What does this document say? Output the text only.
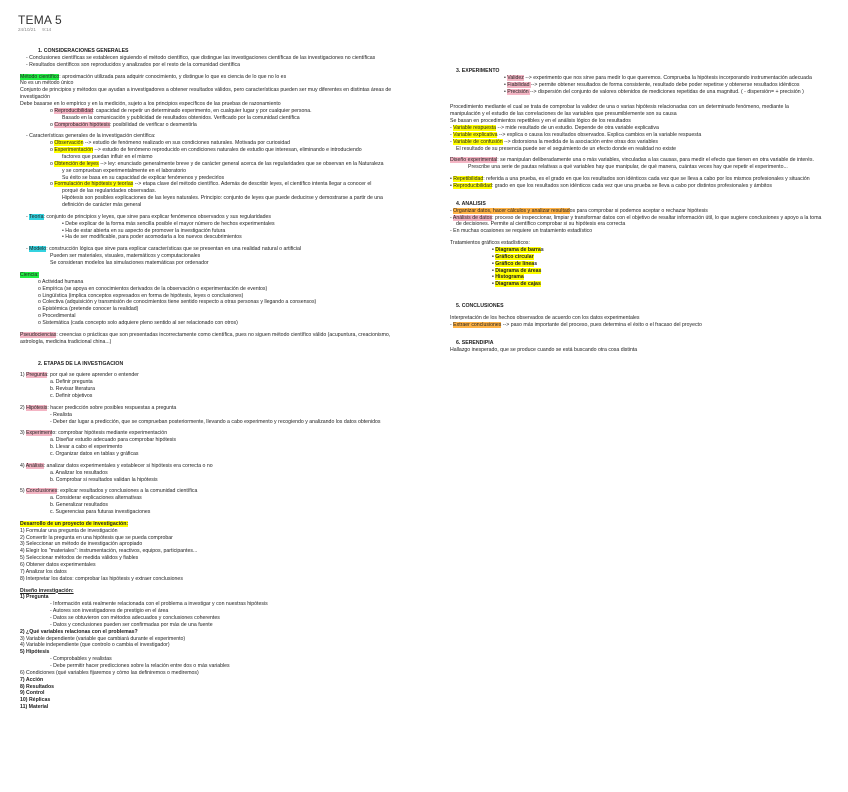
TEMA 5
24/10/21 9:14
1. CONSIDERACIONES GENERALES
- Conclusiones científicas se establecen siguiendo el método científico, que distingue las investigaciones científicas de las investigaciones no científicas
- Resultados científicos son reproducidos y analizados por el resto de la comunidad científica
Método científico: aproximación utilizada para adquirir conocimiento, y distingue lo que es ciencia de lo que no lo es
No es un método único
Conjunto de principios y métodos que ayudan a investigadores a obtener resultados válidos, pero características pueden ser muy diferentes en distintas áreas de
investigación
Debe basarse en lo empírico y en la medición, sujeto a los principios específicos de las pruebas de razonamiento
o Reproducibilidad: capacidad de repetir un determinado experimento, en cualquier lugar y por cualquier persona.
Basado en la comunicación y publicidad de resultados obtenidos. Verificado por la comunidad científica
o Comprobación hipótesis: posibilidad de verificar o desmentirla
- Características generales de la investigación científica:
o Observación --> estudio de fenómeno realizado en sus condiciones naturales. Motivada por curiosidad
o Experimentación --> estudio de fenómeno reproducido en condiciones naturales de estudio que interesan, eliminando e introduciendo
factores que puedan influir en el mismo
o Obtención de leyes --> ley: enunciado generalmente breve y de carácter general acerca de las regularidades que se observan en la Naturaleza
y se comprueban experimentalmente en el laboratorio
Su éxito se basa en su capacidad de explicar fenómenos y predecirlos
o Formulación de hipótesis y teorías --> etapa clave del método científico. Además de describir leyes, el científico intenta llegar a conocer el
porqué de las regularidades observadas.
Hipótesis son posibles explicaciones de las leyes naturales. Principio: conjunto de leyes que puede deducirse y demostrarse a partir de una
definición de carácter más general
- Teoría: conjunto de principios y leyes, que sirve para explicar fenómenos observados y sus regularidades
• Debe explicar de la forma más sencilla posible el mayor número de hechos experimentales
• Ha de estar abierta en su aspecto de promover la investigación futura
• Ha de ser modificable, para poder acomodarla a los nuevos descubrimientos
- Modelo: construcción lógica que sirve para explicar características que se presentan en una realidad natural o artificial
Pueden ser materiales, visuales, matemáticos y computacionales
Se consideran modelos las simulaciones matemáticas por ordenador
Ciencia:
o Actividad humana
o Empírica (se apoya en conocimientos derivados de la observación o experimentación de eventos)
o Lingüística (implica conceptos expresados en forma de hipótesis, leyes o conclusiones)
o Colectiva (adquisición y transmisión de conocimientos tiene sentido respecto a otras personas y llegando a consensos)
o Epistémica (pretende conocer la realidad)
o Procedimental
o Sistemática (cada concepto solo adquiere pleno sentido al ser relacionado con otros)
Pseudociencias: creencias o prácticas que son presentadas incorrectamente como científica, pues no siguen método científico válido (acupuntura, creacionismo,
astrología, medicina tradicional china...)
2. ETAPAS DE LA INVESTIGACIÓN
1) Pregunta: por qué se quiere aprender o entender
a. Definir pregunta
b. Revisar literatura
c. Definir objetivos
2) Hipótesis: hacer predicción sobre posibles respuestas a pregunta
- Realista
- Deber dar lugar a predicción, que se comprueban posteriormente, llevando a cabo experimento y recogiendo y analizando los datos obtenidos
3) Experimento: comprobar hipótesis mediante experimentación
a. Diseñar estudio adecuado para comprobar hipótesis
b. Llevar a cabo el experimento
c. Organizar datos en tablas y gráficas
4) Análisis: analizar datos experimentales y establecer si hipótesis era correcta o no
a. Analizar los resultados
b. Comprobar si resultados validan la hipótesis
5) Conclusiones: explicar resultados y conclusiones a la comunidad científica
a. Considerar explicaciones alternativas
b. Generalizar resultados
c. Sugerencias para futuras investigaciones
Desarrollo de un proyecto de investigación:
1) Formular una pregunta de investigación
2) Convertir la pregunta en una hipótesis que se pueda comprobar
3) Seleccionar un método de investigación apropiado
4) Elegir los "materiales": instrumentación, reactivos, equipos, participantes...
5) Seleccionar métodos de medida válidos y fiables
6) Obtener datos experimentales
7) Analizar los datos
8) Interpretar los datos: comprobar las hipótesis y extraer conclusiones
Diseño investigación:
1) Pregunta
- Información está realmente relacionada con el problema a investigar y con nuestras hipótesis
- Autores son investigadores de prestigio en el área
- Datos se obtuvieron con métodos adecuados y conclusiones coherentes
- Datos y conclusiones pueden ser confirmadas por más de una fuente
2) ¿Qué variables relacionas con el problemas?
3) Variable dependiente (variable que cambiará durante el experimento)
4) Variable independiente (que controlo o cambia el investigador)
5) Hipótesis
- Comprobables y realistas
- Debe permitir hacer predicciones sobre la relación entre dos o más variables
6) Condiciones (qué variables fijaremos y cómo las definiremos o mediremos)
7) Acción
8) Resultados
9) Control
10) Réplicas
11) Material
3. EXPERIMENTO
• Validez --> experimento que nos sirve para medir lo que queremos. Comprueba la hipótesis incorporando instrumentación adecuada
• Fiabilidad --> permite obtener resultados de forma consistente, resultado debe poder repetirse y obtenerse resultados idénticos
• Precisión --> dispersión del conjunto de valores obtenidos de mediciones repetidas de una magnitud. ( - dispersión= + precisión )
Procedimiento mediante el cual se trata de comprobar la validez de una o varias hipótesis relacionadas con un determinado fenómeno, mediante la
manipulación y el estudio de las correlaciones de las variables que presumiblemente son su causa
Se basan en procedimientos repetibles y en el análisis lógico de los resultados
- Variable respuesta --> mide resultado de un estudio. Depende de otra variable explicativa
- Variable explicativa --> explica o causa los resultados observados. Explica cambios en la variable respuesta
- Variable de confusión --> distorsiona la medida de la asociación entre otras dos variables
El resultado de su presencia puede ser el seguimiento de un efecto donde en realidad no existe
Diseño experimental: se manipulan deliberadamente una o más variables, vinculadas a las causas, para medir el efecto que tienen en otra variable de interés.
Prescribe una serie de pautas relativas a qué variables hay que manipular, de qué manera, cuántas veces hay que repetir el experimento...
• Repetibilidad: referida a una prueba, es el grado en que los resultados son idénticos cada vez que se lleva a cabo por los mismos profesionales y situación
• Reproducibilidad: grado en que los resultados son idénticos cada vez que una prueba se lleva a cabo por distintos profesionales y ámbitos
4. ANÁLISIS
- Organizar datos, hacer cálculos y analizar resultados para comprobar si podemos aceptar o rechazar hipótesis
- Análisis de datos: proceso de inspeccionar, limpiar y transformar datos con el objetivo de resaltar información útil, lo que sugiere conclusiones y apoyo a la toma
de decisiones. Permite al científico comprobar si su hipótesis era correcta
- En muchas ocasiones se requiere un tratamiento estadístico
Tratamientos gráficos estadísticos:
• Diagrama de barras
• Gráfico circular
• Gráfico de líneas
• Diagrama de áreas
• Histograma
• Diagrama de cajas
5. CONCLUSIONES
Interpretación de los hechos observados de acuerdo con los datos experimentales
- Extraer conclusiones --> paso más importante del proceso, pues determina el éxito o el fracaso del proyecto
6. SERENDIPIA
Hallazgo inesperado, que se produce cuando se está buscando otra cosa distinta
